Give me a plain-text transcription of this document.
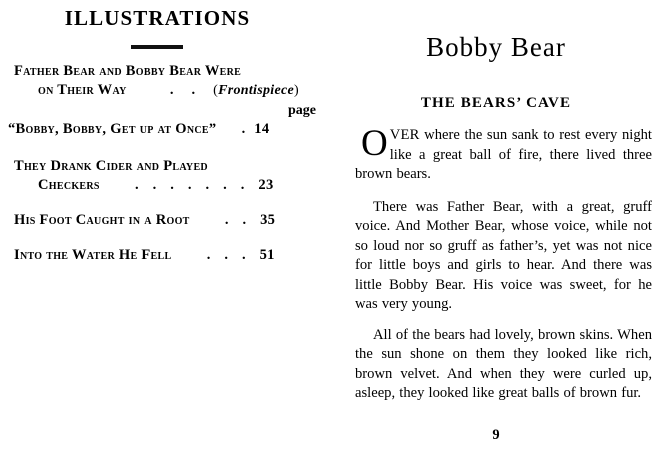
ILLUSTRATIONS
Father Bear and Bobby Bear Were
on Their Way  ..(Frontispiece)
page
“Bobby, Bobby, Get up at Once”  .14
They Drank Cider and Played
Checkers  .......23
His Foot Caught in a Root  ..35
Into the Water He Fell  ...51
Bobby Bear
THE BEARS’ CAVE

OVER where the sun sank to rest every night like a great ball of fire, there lived three brown bears.

There was Father Bear, with a great, gruff voice. And Mother Bear, whose voice, while not so loud nor so gruff as father’s, yet was not nice for little boys and girls to hear. And there was little Bobby Bear. His voice was sweet, for he was very young.

All of the bears had lovely, brown skins. When the sun shone on them they looked like rich, brown velvet. And when they were curled up, asleep, they looked like great balls of brown fur.

9
